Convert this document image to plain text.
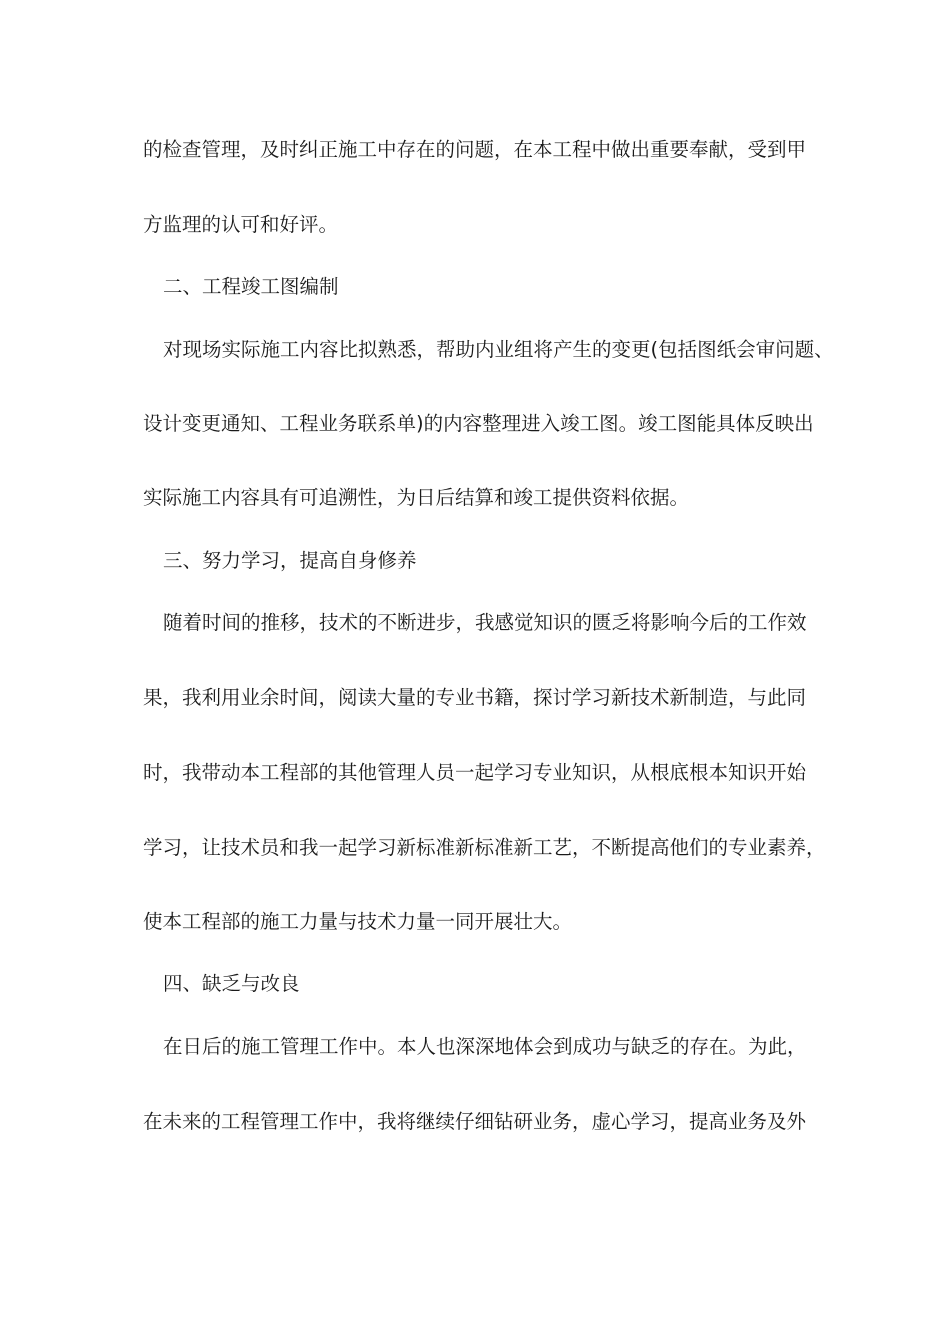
的检查管理，及时纠正施工中存在的问题，在本工程中做出重要奉献，受到甲
方监理的认可和好评。
二、工程竣工图编制
对现场实际施工内容比拟熟悉，帮助内业组将产生的变更(包括图纸会审问题、
设计变更通知、工程业务联系单)的内容整理进入竣工图。竣工图能具体反映出
实际施工内容具有可追溯性，为日后结算和竣工提供资料依据。
三、努力学习，提高自身修养
随着时间的推移，技术的不断进步，我感觉知识的匮乏将影响今后的工作效
果，我利用业余时间，阅读大量的专业书籍，探讨学习新技术新制造，与此同
时，我带动本工程部的其他管理人员一起学习专业知识，从根底根本知识开始
学习，让技术员和我一起学习新标准新标准新工艺，不断提高他们的专业素养，
使本工程部的施工力量与技术力量一同开展壮大。
四、缺乏与改良
在日后的施工管理工作中。本人也深深地体会到成功与缺乏的存在。为此，
在未来的工程管理工作中，我将继续仔细钻研业务，虚心学习，提高业务及外
